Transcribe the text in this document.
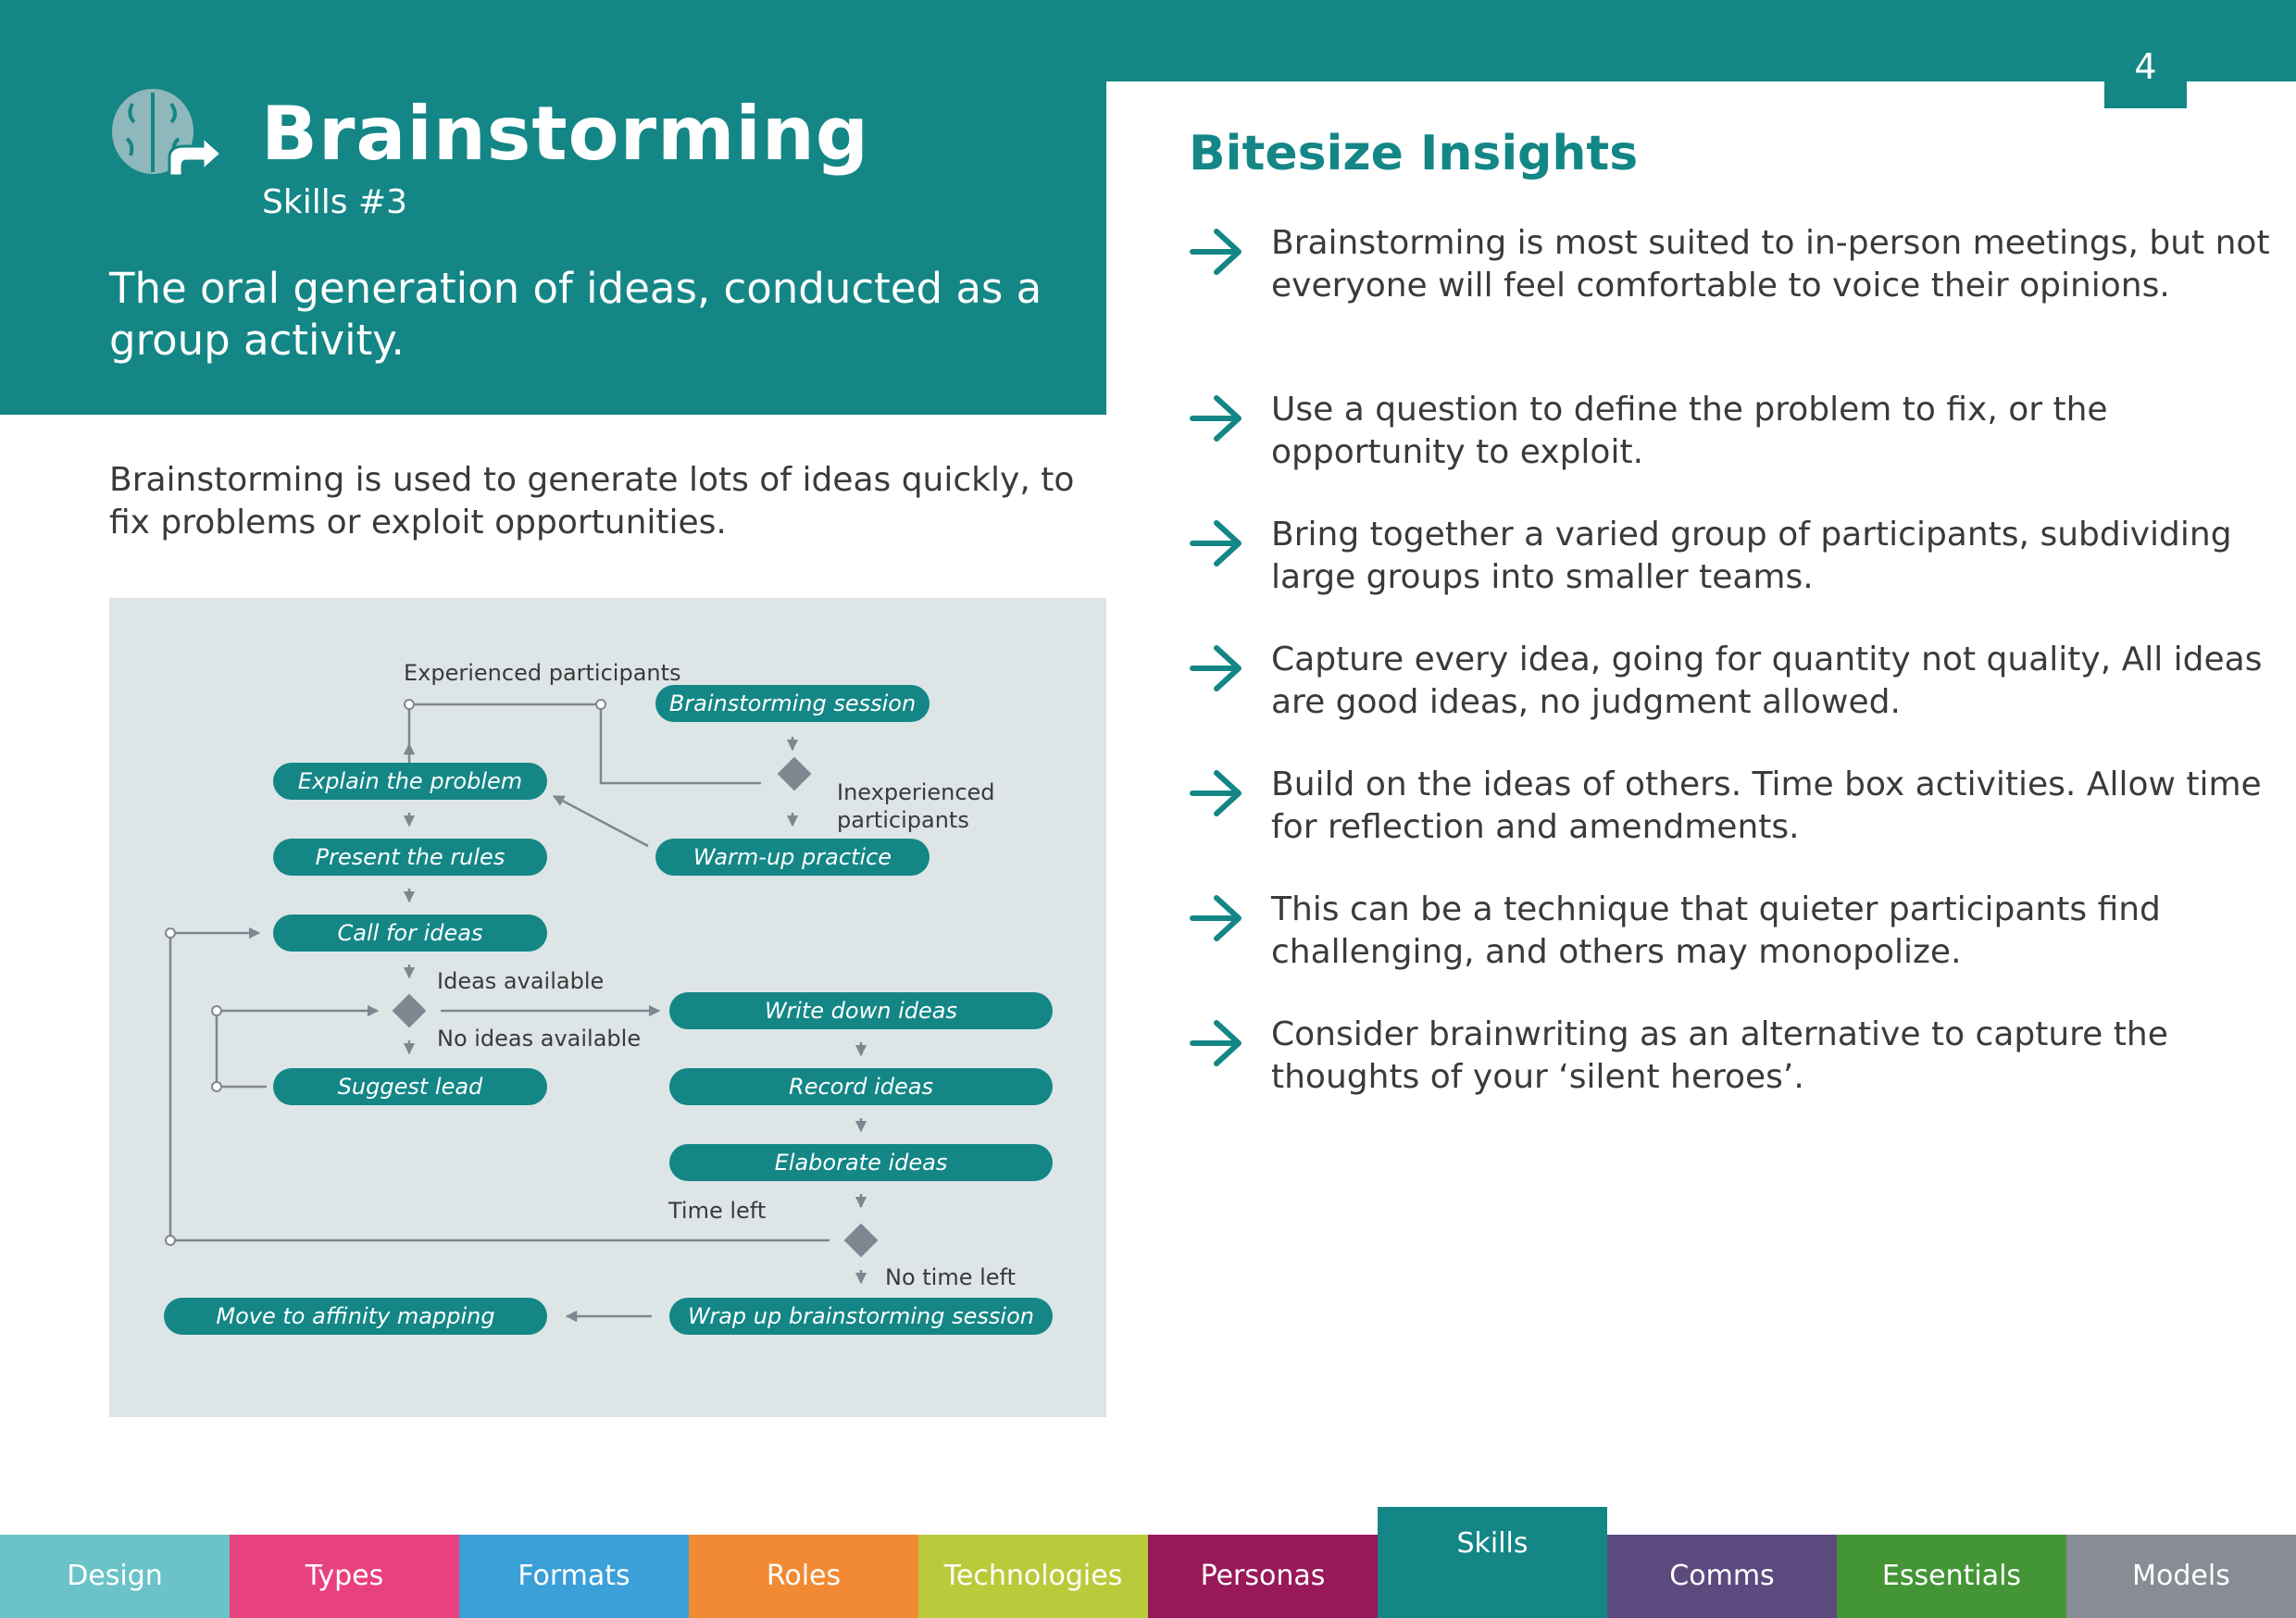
4
Brainstorming
Skills #3
The oral generation of ideas, conducted as a group activity.
Brainstorming is used to generate lots of ideas quickly, to fix problems or exploit opportunities.
Brainstorming session
Explain the problem
Present the rules	Warm-up practice
Call for ideas
Write down ideas
Suggest lead	Record ideas
Elaborate ideas
Wrap up brainstorming session
Move to affinity mapping
Experienced participants
Inexperienced
participants
Ideas available
No ideas available
Time left
No time left
Bitesize Insights
Brainstorming is most suited to in-person meetings, but not everyone will feel comfortable to voice their opinions.
Use a question to define the problem to fix, or the opportunity to exploit.
Bring together a varied group of participants, subdividing large groups into smaller teams.
Capture every idea, going for quantity not quality, All ideas are good ideas, no judgment allowed.
Build on the ideas of others. Time box activities. Allow time for reflection and amendments.
This can be a technique that quieter participants find challenging, and others may monopolize.
Consider brainwriting as an alternative to capture the thoughts of your ‘silent heroes’.
Design	Types	Formats	Roles	Technologies	Personas
Skills
Comms	Essentials	Models
